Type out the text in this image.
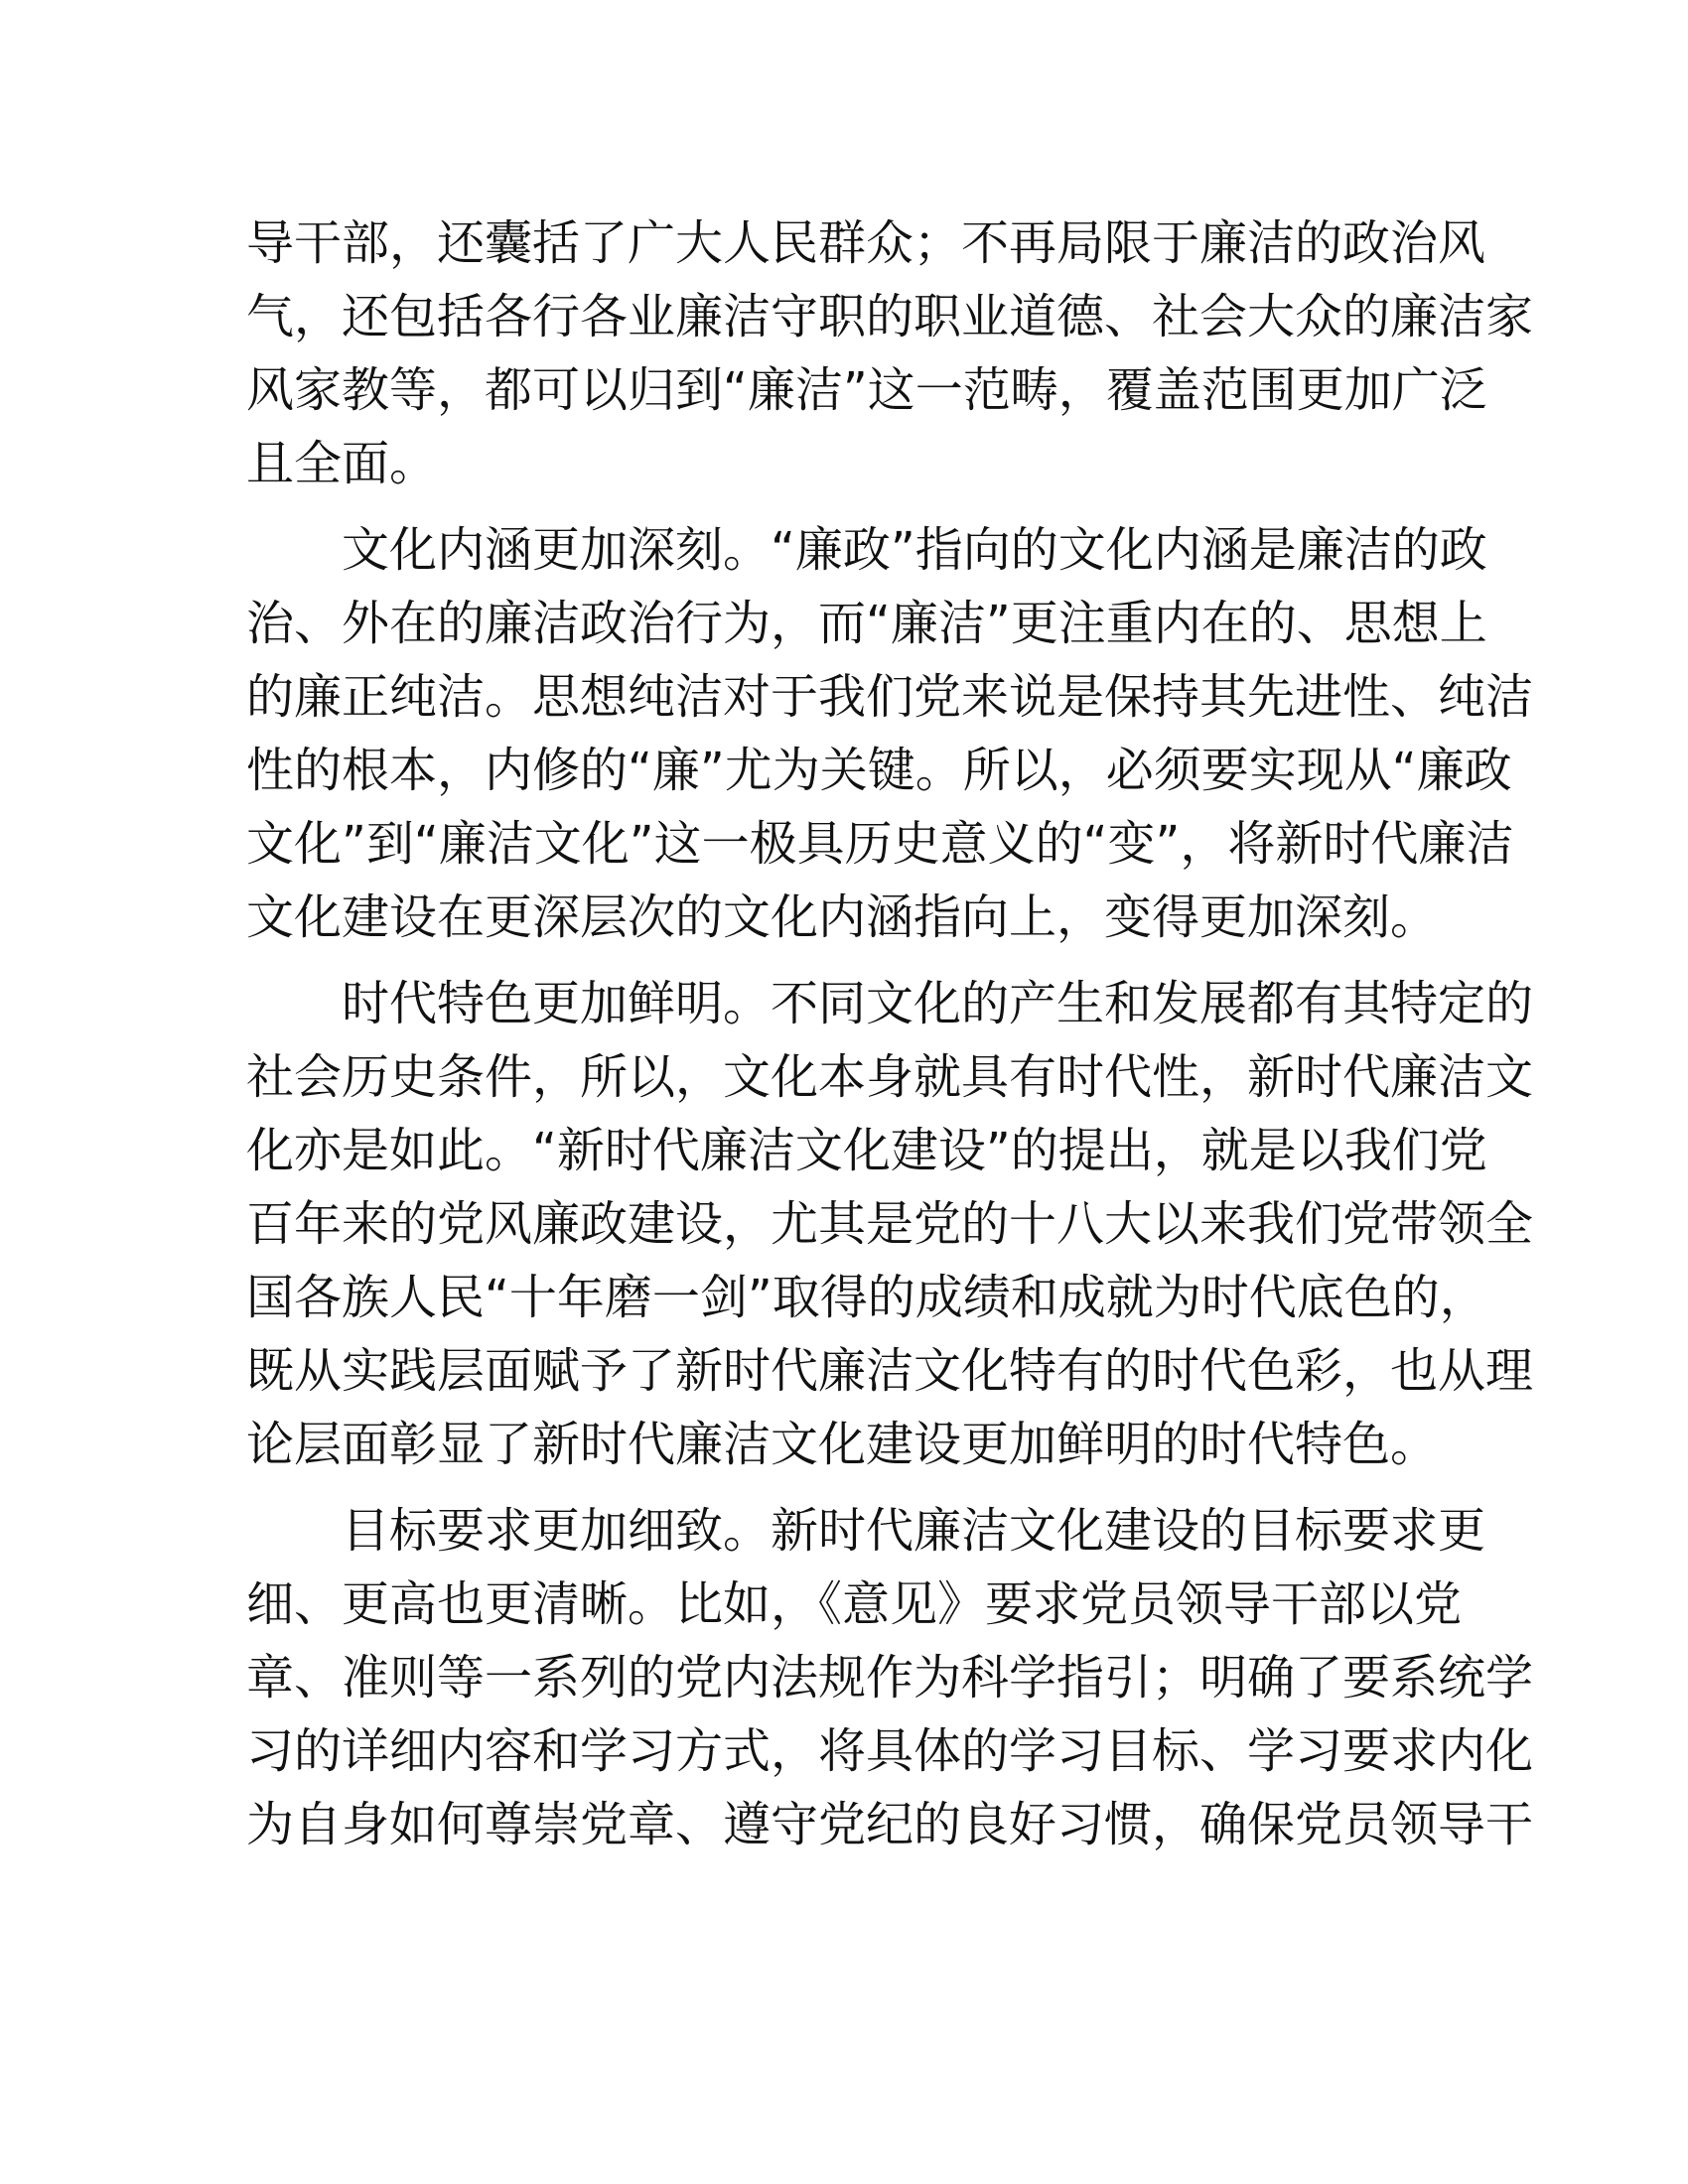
导干部，还囊括了广大人民群众；不再局限于廉洁的政治风
气，还包括各行各业廉洁守职的职业道德、社会大众的廉洁家
风家教等，都可以归到“廉洁”这一范畴，覆盖范围更加广泛
且全面。
文化内涵更加深刻。“廉政”指向的文化内涵是廉洁的政
治、外在的廉洁政治行为，而“廉洁”更注重内在的、思想上
的廉正纯洁。思想纯洁对于我们党来说是保持其先进性、纯洁
性的根本，内修的“廉”尤为关键。所以，必须要实现从“廉政
文化”到“廉洁文化”这一极具历史意义的“变”，将新时代廉洁
文化建设在更深层次的文化内涵指向上，变得更加深刻。
时代特色更加鲜明。不同文化的产生和发展都有其特定的
社会历史条件，所以，文化本身就具有时代性，新时代廉洁文
化亦是如此。“新时代廉洁文化建设”的提出，就是以我们党
百年来的党风廉政建设，尤其是党的十八大以来我们党带领全
国各族人民“十年磨一剑”取得的成绩和成就为时代底色的，
既从实践层面赋予了新时代廉洁文化特有的时代色彩，也从理
论层面彰显了新时代廉洁文化建设更加鲜明的时代特色。
目标要求更加细致。新时代廉洁文化建设的目标要求更
细、更高也更清晰。比如，《意见》要求党员领导干部以党
章、准则等一系列的党内法规作为科学指引；明确了要系统学
习的详细内容和学习方式，将具体的学习目标、学习要求内化
为自身如何尊崇党章、遵守党纪的良好习惯，确保党员领导干
